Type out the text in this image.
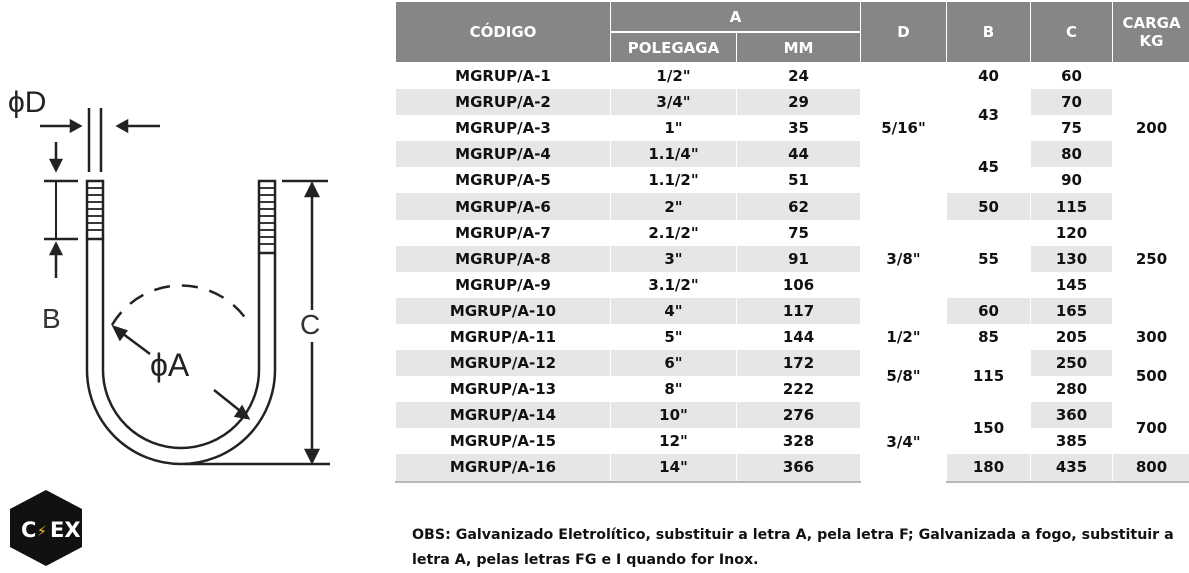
ϕD
B	C
ϕA
C ⚡ EX
CÓDIGO	A		D	B	C	CARGA
KG
	POLEGAGA	MM				
MGRUP/A-1	1/2"	24	5/16"	40	60	200
MGRUP/A-2	3/4"	29		43	70	
MGRUP/A-3	1"	35			75	
MGRUP/A-4	1.1/4"	44		45	80	
MGRUP/A-5	1.1/2"	51			90	
MGRUP/A-6	2"	62	3/8"	50	115	250
MGRUP/A-7	2.1/2"	75		55	120	
MGRUP/A-8	3"	91			130	
MGRUP/A-9	3.1/2"	106			145	
MGRUP/A-10	4"	117		60	165	
MGRUP/A-11	5"	144	1/2"	85	205	300
MGRUP/A-12	6"	172	5/8"	115	250	500
MGRUP/A-13	8"	222			280	
MGRUP/A-14	10"	276	3/4"	150	360	700
MGRUP/A-15	12"	328			385	
MGRUP/A-16	14"	366		180	435	800

OBS: Galvanizado Eletrolítico, substituir a letra A, pela letra F; Galvanizada a fogo, substituir a letra A, pelas letras FG e I quando for Inox.
